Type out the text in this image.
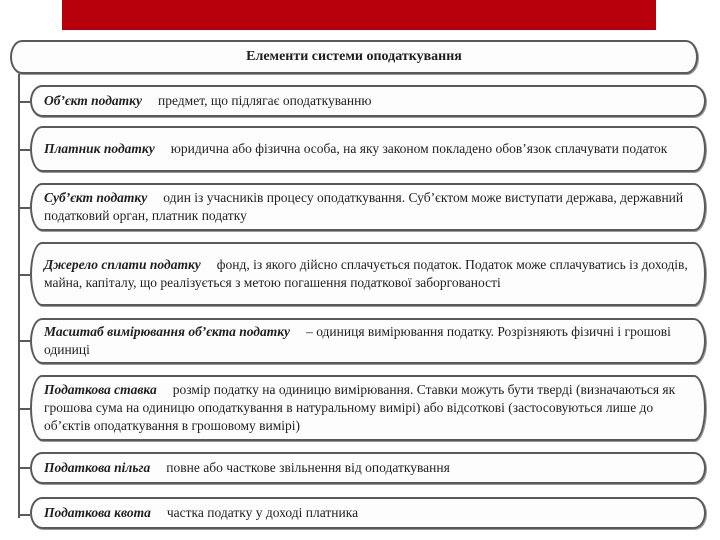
Елементи системи оподаткування
Об’єкт податку предмет, що підлягає оподаткуванню
Платник податку юридична або фізична особа, на яку законом покладено обов’язок сплачувати податок
Суб’єкт податку один із учасників процесу оподаткування. Суб’єктом може виступати держава, державний податковий орган, платник податку
Джерело сплати податку фонд, із якого дійсно сплачується податок. Податок може сплачуватись із доходів, майна, капіталу, що реалізується з метою погашення податкової заборгованості
Масштаб вимірювання об’єкта податку – одиниця вимірювання податку. Розрізняють фізичні і грошові одиниці
Податкова ставка розмір податку на одиницю вимірювання. Ставки можуть бути тверді (визначаються як грошова сума на одиницю оподаткування в натуральному вимірі) або відсоткові (застосовуються лише до об’єктів оподаткування в грошовому вимірі)
Податкова пільга повне або часткове звільнення від оподаткування
Податкова квота частка податку у доході платника
